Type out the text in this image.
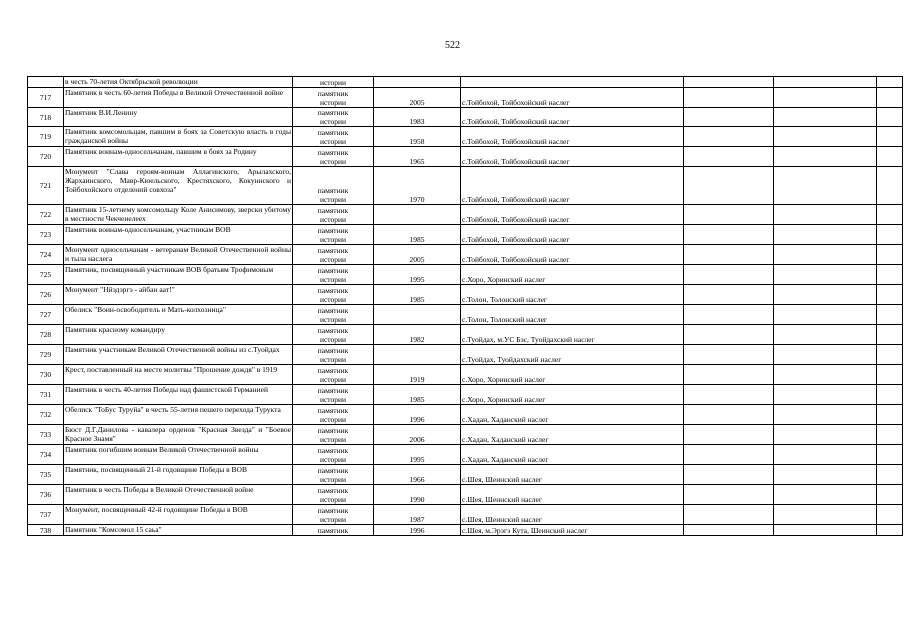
522
	в честь 70-летия Октябрьской революции	истории					

717	Памятник в честь 60-летия Победы в Великой Отечественной войне	памятник
истории	2005	с.Тойбохой, Тойбохойский наслег			
718	Памятник В.И.Ленину	памятник
истории	1983	с.Тойбохой, Тойбохойский наслег			
719	Памятник комсомольцам, павшим в боях за Советскую власть в годы гражданской войны	памятник
истории	1958	с.Тойбохой, Тойбохойский наслег			
720	Памятник воинам-односельчанам, павшим в боях за Родину	памятник
истории	1965	с.Тойбохой, Тойбохойский наслег			
721	Монумент "Слава героям-воинам Аллагинского, Арылахского, Жархаинского, Мавр-Кюельского, Крестяхского, Кокуннского и Тойбохойского отделений совхоза"	памятник
истории	1970	с.Тойбохой, Тойбохойский наслег			
722	Памятник 15-летнему комсомольцу Коле Анисимову, зверски убитому в местности Чекченелеех	памятник
истории		с.Тойбохой, Тойбохойский наслег			
723	Памятник воинам-односельчанам, участникам ВОВ	памятник
истории	1985	с.Тойбохой, Тойбохойский наслег			
724	Монумент односельчанам - ветеранам Великой Отечественной войны и тыла наслега	памятник
истории	2005	с.Тойбохой, Тойбохойский наслег			
725	Памятник, посвященный участникам ВОВ братьям Трофимовым	памятник
истории	1995	с.Хоро, Хоринский наслег			
726	Монумент "Нйэдэргэ - айбан аат!"	памятник
истории	1985	с.Толон, Толонский наслег			
727	Обелиск "Воин-освободитель и Мать-колхозница"	памятник
истории		с.Толон, Толонский наслег			
728	Памятник красному командиру	памятник
истории	1982	с.Туойдах, м.УС Бэс, Туойдахский наслег			
729	Памятник участникам Великой Отечественной войны из с.Туойдах	памятник
истории		с.Туойдах, Туойдахский наслег			
730	Крест, поставленный на месте молитвы "Прошение дождя" в 1919	памятник
истории	1919	с.Хоро, Хоринский наслег			
731	Памятник в честь 40-летия Победы над фашистской Германией	памятник
истории	1985	с.Хоро, Хоринский наслег			
732	Обелиск "ТоБус Туруйа" в честь 55-летия пешего перехода Турукта	памятник
истории	1996	с.Хадан, Хаданский наслег			
733	Бюст Д.Г.Данилова - кавалера орденов "Красная Звезда" и "Боевое Красное Знамя"	памятник
истории	2006	с.Хадан, Хаданский наслег			
734	Памятник погибшим воинам Великой Отечественной войны	памятник
истории	1995	с.Хадан, Хаданский наслег			
735	Памятник, посвященный 21-й годовщине Победы в ВОВ	памятник
истории	1966	с.Шея, Шеинский наслег			
736	Памятник в честь Победы в Великой Отечественной войне	памятник
истории	1990	с.Шея, Шеинский наслег			
737	Монумент, посвященный 42-й годовщине Победы в ВОВ	памятник
истории	1987	с.Шея, Шеинский наслег			
738	Памятник "Комсомол 15 саьа"	памятник	1996	с.Шея, м.Эрэгэ Кута, Шеинский наслег			
